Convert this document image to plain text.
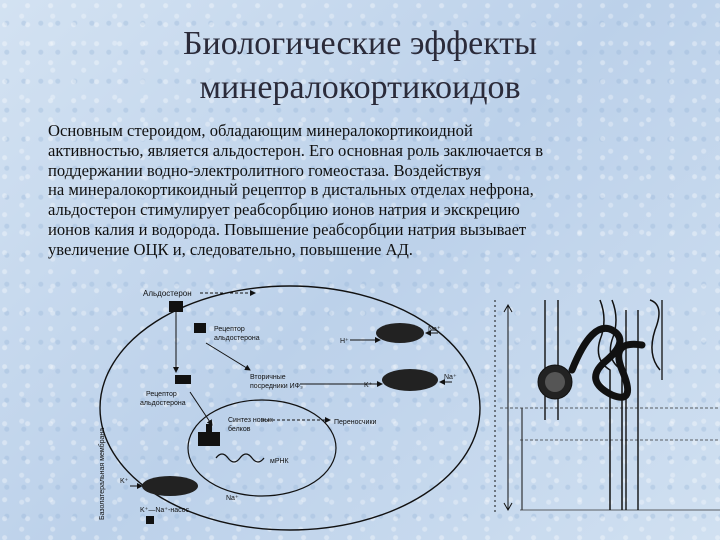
Биологические эффекты
минералокортикоидов
Основным стероидом, обладающим минералокортикоидной
активностью, является альдостерон. Его основная роль заключается в
поддержании водно-электролитного гомеостаза. Воздействуя
на минералокортикоидный рецептор в дистальных отделах нефрона,
альдостерон стимулирует реабсорбцию ионов натрия и экскрецию
ионов калия и водорода. Повышение реабсорбции натрия вызывает
увеличение ОЦК и, следовательно, повышение АД.
Базолатеральная мембрана
Альдостерон
Рецептор
альдостерона
Вторичные
посредники ИФ₃
Рецептор
альдостерона
Синтез новых
белков
мРНК
Переносчики
Na⁺
H⁺
Na⁺
K⁺
K⁺
Na⁺
K⁺—Na⁺-насос
